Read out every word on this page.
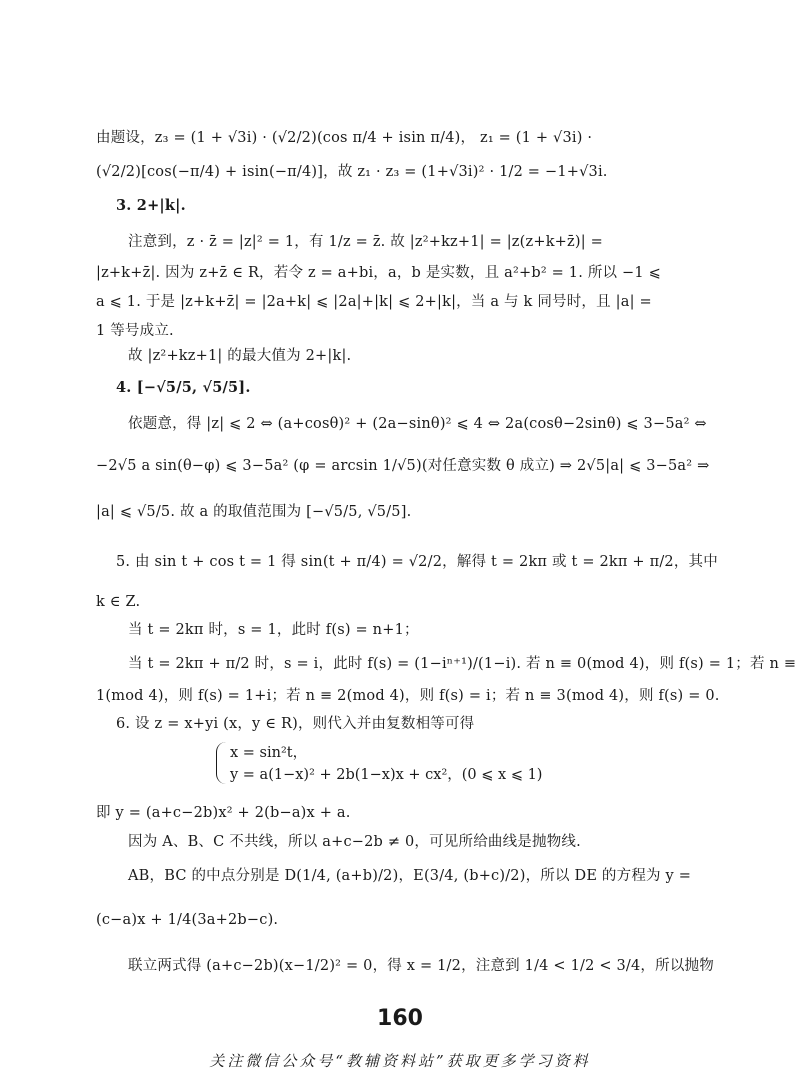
由题设，z₃ = (1 + √3i) · (√2/2)(cos π/4 + isin π/4)， z₁ = (1 + √3i) ·
(√2/2)[cos(−π/4) + isin(−π/4)]，故 z₁ · z₃ = (1+√3i)² · 1/2 = −1+√3i.
3. 2+|k|.
注意到，z · z̄ = |z|² = 1，有 1/z = z̄. 故 |z²+kz+1| = |z(z+k+z̄)| =
|z+k+z̄|. 因为 z+z̄ ∈ R，若令 z = a+bi，a，b 是实数，且 a²+b² = 1. 所以 −1 ⩽
a ⩽ 1. 于是 |z+k+z̄| = |2a+k| ⩽ |2a|+|k| ⩽ 2+|k|，当 a 与 k 同号时，且 |a| =
1 等号成立.
故 |z²+kz+1| 的最大值为 2+|k|.
4. [−√5/5, √5/5].
依题意，得 |z| ⩽ 2 ⇔ (a+cosθ)² + (2a−sinθ)² ⩽ 4 ⇔ 2a(cosθ−2sinθ) ⩽ 3−5a² ⇔
−2√5 a sin(θ−φ) ⩽ 3−5a² (φ = arcsin 1/√5)(对任意实数 θ 成立) ⇒ 2√5|a| ⩽ 3−5a² ⇒
|a| ⩽ √5/5. 故 a 的取值范围为 [−√5/5, √5/5].
5. 由 sin t + cos t = 1 得 sin(t + π/4) = √2/2，解得 t = 2kπ 或 t = 2kπ + π/2，其中
k ∈ Z.
当 t = 2kπ 时，s = 1，此时 f(s) = n+1；
当 t = 2kπ + π/2 时，s = i，此时 f(s) = (1−iⁿ⁺¹)/(1−i). 若 n ≡ 0(mod 4)，则 f(s) = 1；若 n ≡
1(mod 4)，则 f(s) = 1+i；若 n ≡ 2(mod 4)，则 f(s) = i；若 n ≡ 3(mod 4)，则 f(s) = 0.
6. 设 z = x+yi (x，y ∈ R)，则代入并由复数相等可得
x = sin²t，
y = a(1−x)² + 2b(1−x)x + cx²，(0 ⩽ x ⩽ 1)
即 y = (a+c−2b)x² + 2(b−a)x + a.
因为 A、B、C 不共线，所以 a+c−2b ≠ 0，可见所给曲线是抛物线.
AB，BC 的中点分别是 D(1/4, (a+b)/2)，E(3/4, (b+c)/2)，所以 DE 的方程为 y =
(c−a)x + 1/4(3a+2b−c).
联立两式得 (a+c−2b)(x−1/2)² = 0，得 x = 1/2，注意到 1/4 < 1/2 < 3/4，所以抛物
160
关注微信公众号“教辅资料站”获取更多学习资料
